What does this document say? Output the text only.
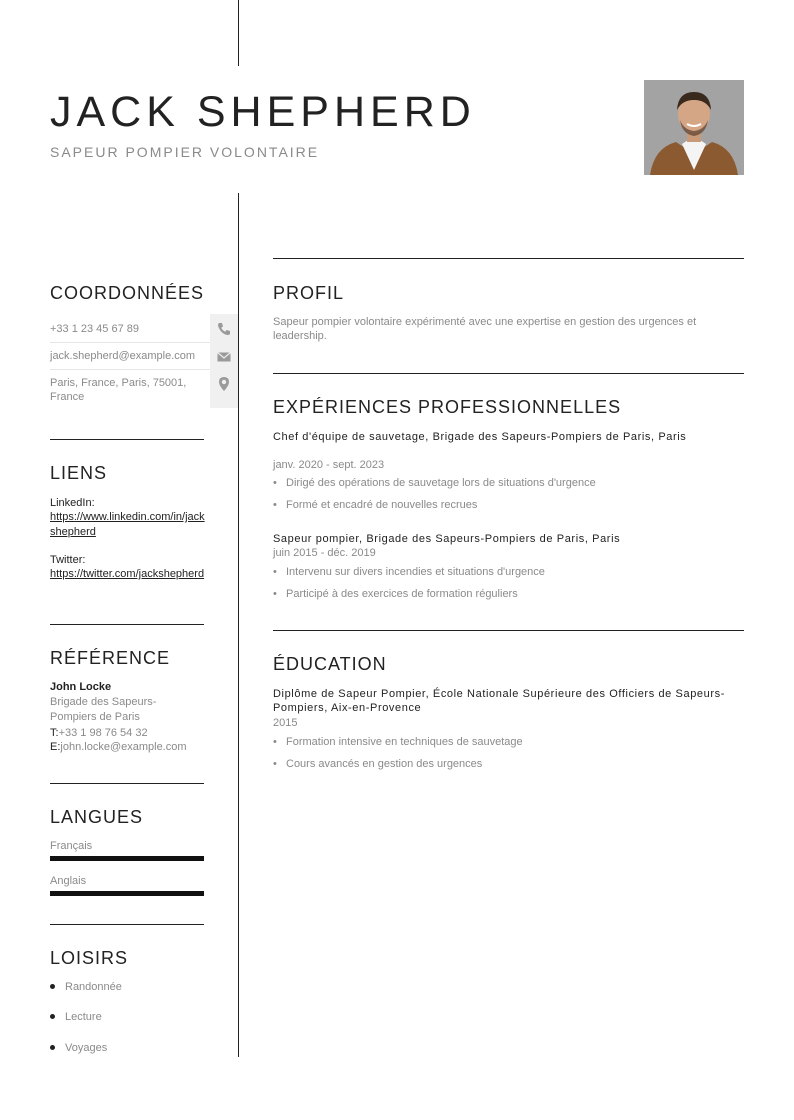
JACK SHEPHERD
SAPEUR POMPIER VOLONTAIRE
COORDONNÉES
+33 1 23 45 67 89
jack.shepherd@example.com
Paris, France, Paris, 75001, France
LIENS
LinkedIn:
https://www.linkedin.com/in/jackshepherd
Twitter:
https://twitter.com/jackshepherd
RÉFÉRENCE
John Locke
Brigade des Sapeurs-Pompiers de Paris
T:+33 1 98 76 54 32
E:john.locke@example.com
LANGUES
Français
Anglais
LOISIRS
Randonnée
Lecture
Voyages
PROFIL
Sapeur pompier volontaire expérimenté avec une expertise en gestion des urgences et leadership.
EXPÉRIENCES PROFESSIONNELLES
Chef d'équipe de sauvetage, Brigade des Sapeurs-Pompiers de Paris, Paris
janv. 2020 - sept. 2023
• Dirigé des opérations de sauvetage lors de situations d'urgence
• Formé et encadré de nouvelles recrues
Sapeur pompier, Brigade des Sapeurs-Pompiers de Paris, Paris
juin 2015 - déc. 2019
• Intervenu sur divers incendies et situations d'urgence
• Participé à des exercices de formation réguliers
ÉDUCATION
Diplôme de Sapeur Pompier, École Nationale Supérieure des Officiers de Sapeurs-Pompiers, Aix-en-Provence
2015
• Formation intensive en techniques de sauvetage
• Cours avancés en gestion des urgences
